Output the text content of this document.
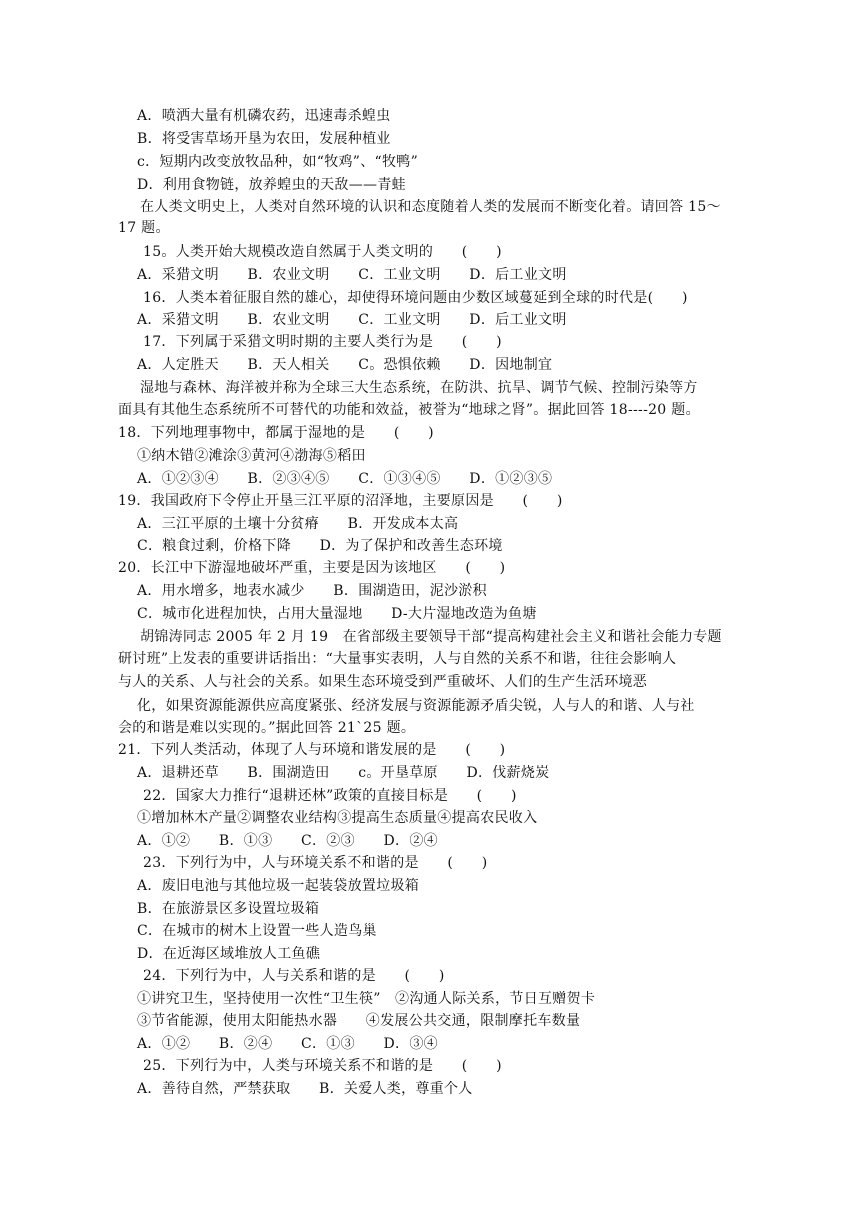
A．喷洒大量有机磷农药，迅速毒杀蝗虫
B．将受害草场开垦为农田，发展种植业
c．短期内改变放牧品种，如“牧鸡”、“牧鸭”
D．利用食物链，放养蝗虫的天敌——青蛙
在人类文明史上，人类对自然环境的认识和态度随着人类的发展而不断变化着。请回答 15～
17 题。
15。人类开始大规模改造自然属于人类文明的　　(　　)
A．采猎文明　　B．农业文明　　C．工业文明　　D．后工业文明
16．人类本着征服自然的雄心，却使得环境问题由少数区域蔓延到全球的时代是(　　)
A．采猎文明　　B．农业文明　　C．工业文明　　D．后工业文明
17．下列属于采猎文明时期的主要人类行为是　　(　　)
A．人定胜天　　B．天人相关　　C。恐惧依赖　　D．因地制宜
湿地与森林、海洋被并称为全球三大生态系统，在防洪、抗旱、调节气候、控制污染等方
面具有其他生态系统所不可替代的功能和效益，被誉为“地球之肾”。据此回答 18----20 题。
18．下列地理事物中，都属于湿地的是　　(　　)
①纳木错②滩涂③黄河④渤海⑤稻田
A．①②③④　　B．②③④⑤　　C．①③④⑤　　D．①②③⑤
19．我国政府下令停止开垦三江平原的沼泽地，主要原因是　　(　　)
A．三江平原的土壤十分贫瘠　　B．开发成本太高
C．粮食过剩，价格下降　　D．为了保护和改善生态环境
20．长江中下游湿地破坏严重，主要是因为该地区　　(　　)
A．用水增多，地表水减少　　B．围湖造田，泥沙淤积
C．城市化进程加快，占用大量湿地　　D-大片湿地改造为鱼塘
胡锦涛同志 2005 年 2 月 19　在省部级主要领导干部“提高构建社会主义和谐社会能力专题
研讨班”上发表的重要讲话指出：“大量事实表明，人与自然的关系不和谐，往往会影响人
与人的关系、人与社会的关系。如果生态环境受到严重破坏、人们的生产生活环境恶
化，如果资源能源供应高度紧张、经济发展与资源能源矛盾尖锐，人与人的和谐、人与社
会的和谐是难以实现的。”据此回答 21`25 题。
21．下列人类活动，体现了人与环境和谐发展的是　　(　　)
A．退耕还草　　B．围湖造田　　c。开垦草原　　D．伐薪烧炭
22．国家大力推行“退耕还林”政策的直接目标是　　(　　)
①增加林木产量②调整农业结构③提高生态质量④提高农民收入
A．①②　　B．①③　　C．②③　　D．②④
23．下列行为中，人与环境关系不和谐的是　　(　　)
A．废旧电池与其他垃圾一起装袋放置垃圾箱
B．在旅游景区多设置垃圾箱
C．在城市的树木上设置一些人造鸟巢
D．在近海区域堆放人工鱼礁
24．下列行为中，人与关系和谐的是　　(　　)
①讲究卫生，坚持使用一次性“卫生筷”　②沟通人际关系，节日互赠贺卡
③节省能源，使用太阳能热水器　　④发展公共交通，限制摩托车数量
A．①②　　B．②④　　C．①③　　D．③④
25．下列行为中，人类与环境关系不和谐的是　　(　　)
A．善待自然，严禁获取　　B．关爱人类，尊重个人
